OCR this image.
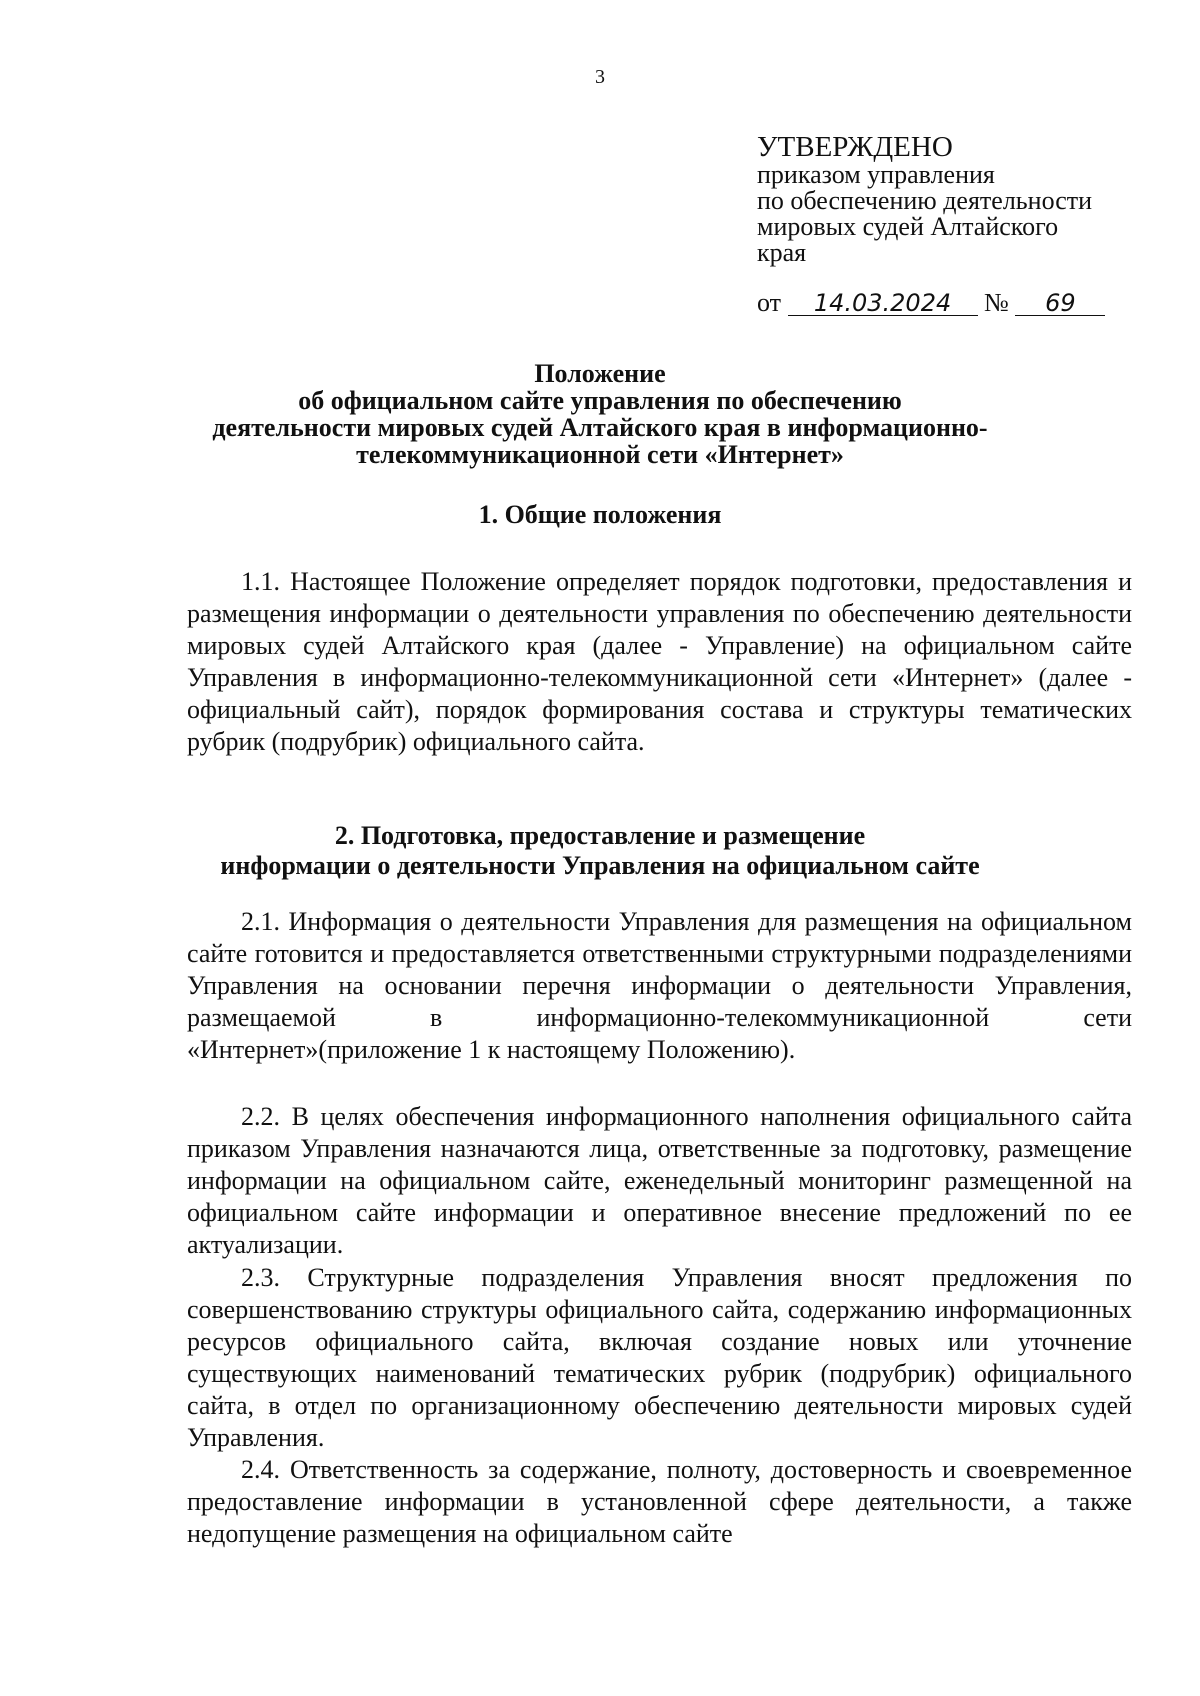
3
УТВЕРЖДЕНО
приказом управления
по обеспечению деятельности
мировых судей Алтайского
края
от 14.03.2024 № 69
Положение
об официальном сайте управления по обеспечению
деятельности мировых судей Алтайского края в информационно-
телекоммуникационной сети «Интернет»
1. Общие положения

1.1. Настоящее Положение определяет порядок подготовки, предоставления и размещения информации о деятельности управления по обеспечению деятельности мировых судей Алтайского края (далее - Управление) на официальном сайте Управления в информационно-телекоммуникационной сети «Интернет» (далее - официальный сайт), порядок формирования состава и структуры тематических рубрик (подрубрик) официального сайта.

2. Подготовка, предоставление и размещение
информации о деятельности Управления на официальном сайте

2.1. Информация о деятельности Управления для размещения на официальном сайте готовится и предоставляется ответственными структурными подразделениями Управления на основании перечня информации о деятельности Управления, размещаемой в информационно-телекоммуникационной сети «Интернет»(приложение 1 к настоящему Положению).

2.2. В целях обеспечения информационного наполнения официального сайта приказом Управления назначаются лица, ответственные за подготовку, размещение информации на официальном сайте, еженедельный мониторинг размещенной на официальном сайте информации и оперативное внесение предложений по ее актуализации.

2.3. Структурные подразделения Управления вносят предложения по совершенствованию структуры официального сайта, содержанию информационных ресурсов официального сайта, включая создание новых или уточнение существующих наименований тематических рубрик (подрубрик) официального сайта, в отдел по организационному обеспечению деятельности мировых судей Управления.

2.4. Ответственность за содержание, полноту, достоверность и своевременное предоставление информации в установленной сфере деятельности, а также недопущение размещения на официальном сайте
